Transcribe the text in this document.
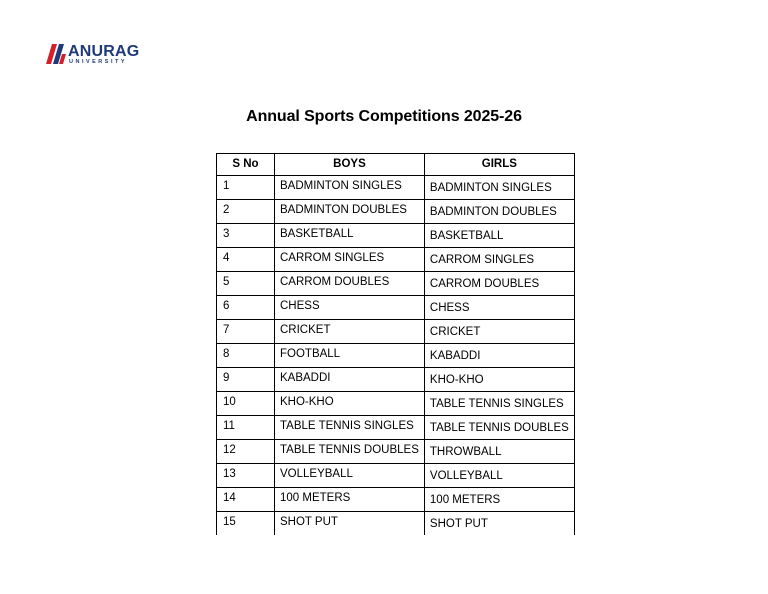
ANURAG
UNIVERSITY
Annual Sports Competitions 2025-26
S No	BOYS	GIRLS
1	BADMINTON SINGLES	BADMINTON SINGLES
2	BADMINTON DOUBLES	BADMINTON DOUBLES
3	BASKETBALL	BASKETBALL
4	CARROM SINGLES	CARROM SINGLES
5	CARROM DOUBLES	CARROM DOUBLES
6	CHESS	CHESS
7	CRICKET	CRICKET
8	FOOTBALL	KABADDI
9	KABADDI	KHO-KHO
10	KHO-KHO	TABLE TENNIS SINGLES
11	TABLE TENNIS SINGLES	TABLE TENNIS DOUBLES
12	TABLE TENNIS DOUBLES	THROWBALL
13	VOLLEYBALL	VOLLEYBALL
14	100 METERS	100 METERS
15	SHOT PUT	SHOT PUT
